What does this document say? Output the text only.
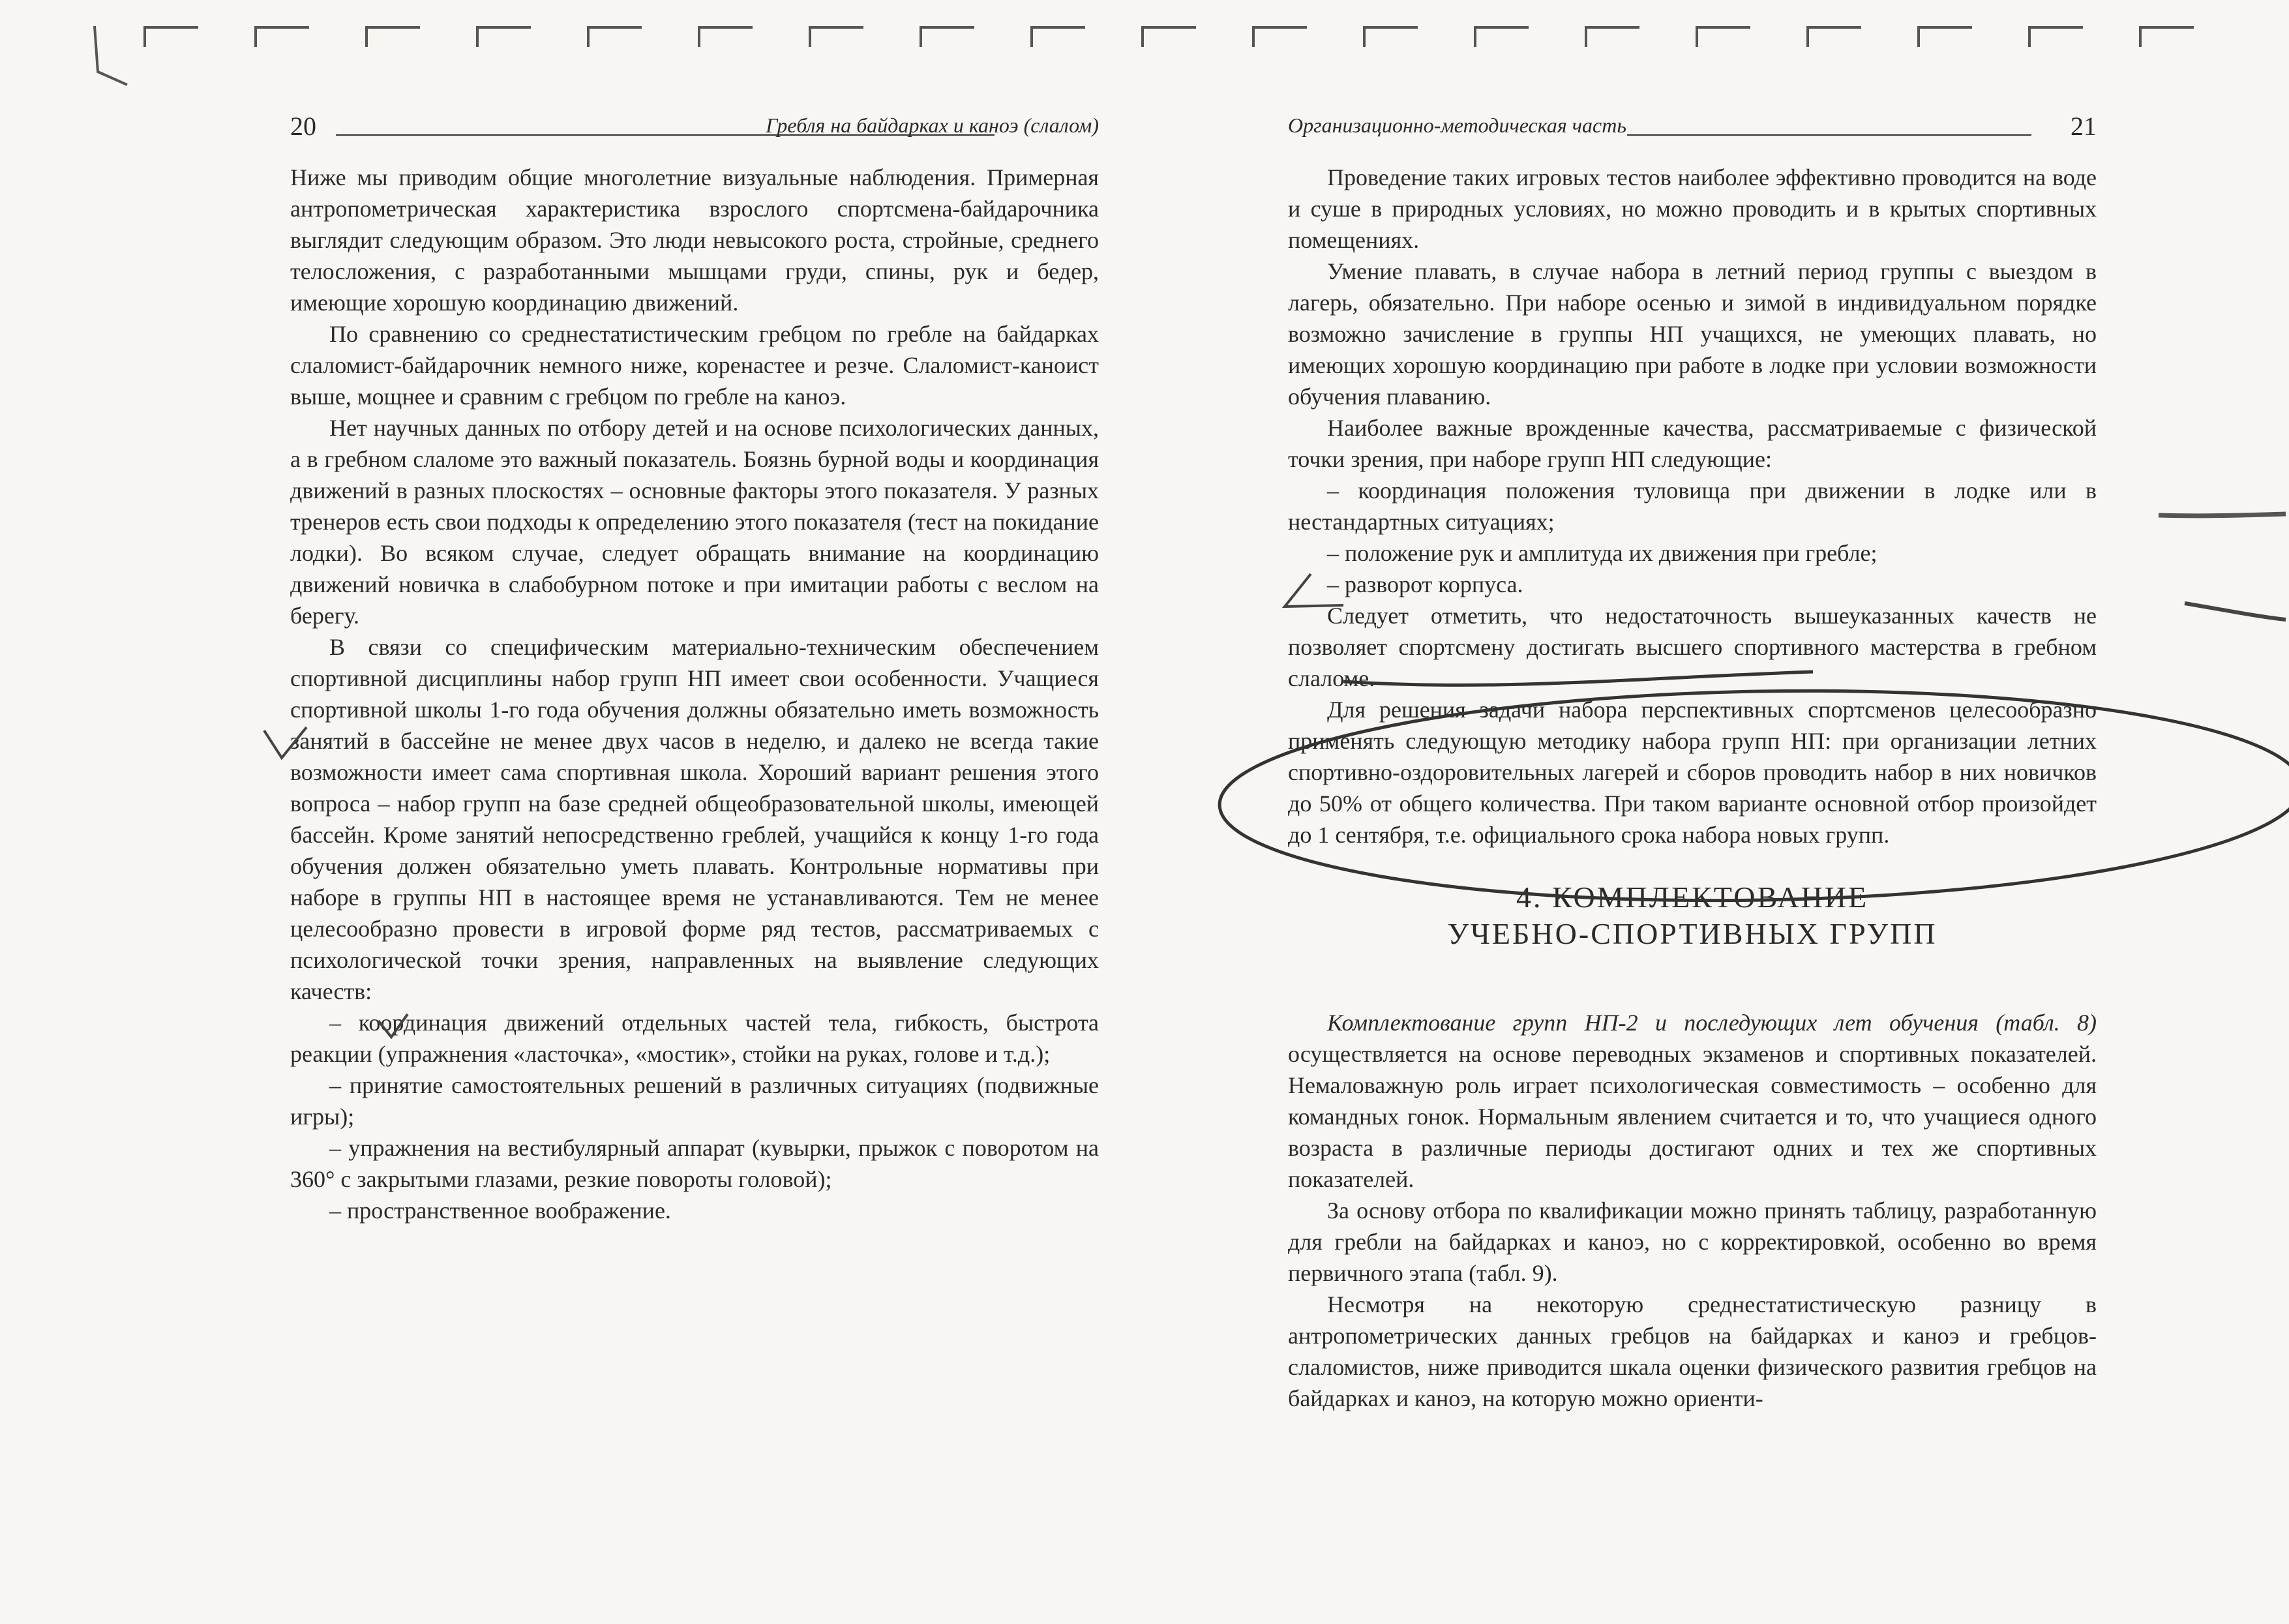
20	Гребля на байдарках и каноэ (слалом)

Ниже мы приводим общие многолетние визуальные наблюдения. Примерная антропометрическая характеристика взрослого спортсмена-байдарочника выглядит следующим образом. Это люди невысокого роста, стройные, среднего телосложения, с разработанными мышцами груди, спины, рук и бедер, имеющие хорошую координацию движений.

По сравнению со среднестатистическим гребцом по гребле на байдарках слаломист-байдарочник немного ниже, коренастее и резче. Слаломист-каноист выше, мощнее и сравним с гребцом по гребле на каноэ.

Нет научных данных по отбору детей и на основе психологических данных, а в гребном слаломе это важный показатель. Боязнь бурной воды и координация движений в разных плоскостях – основные факторы этого показателя. У разных тренеров есть свои подходы к определению этого показателя (тест на покидание лодки). Во всяком случае, следует обращать внимание на координацию движений новичка в слабобурном потоке и при имитации работы с веслом на берегу.

В связи со специфическим материально-техническим обеспечением спортивной дисциплины набор групп НП имеет свои особенности. Учащиеся спортивной школы 1-го года обучения должны обязательно иметь возможность занятий в бассейне не менее двух часов в неделю, и далеко не всегда такие возможности имеет сама спортивная школа. Хороший вариант решения этого вопроса – набор групп на базе средней общеобразовательной школы, имеющей бассейн. Кроме занятий непосредственно греблей, учащийся к концу 1-го года обучения должен обязательно уметь плавать. Контрольные нормативы при наборе в группы НП в настоящее время не устанавливаются. Тем не менее целесообразно провести в игровой форме ряд тестов, рассматриваемых с психологической точки зрения, направленных на выявление следующих качеств:

– координация движений отдельных частей тела, гибкость, быстрота реакции (упражнения «ласточка», «мостик», стойки на руках, голове и т.д.);

– принятие самостоятельных решений в различных ситуациях (подвижные игры);

– упражнения на вестибулярный аппарат (кувырки, прыжок с поворотом на 360° с закрытыми глазами, резкие повороты головой);

– пространственное воображение.

Организационно-методическая часть	21

Проведение таких игровых тестов наиболее эффективно проводится на воде и суше в природных условиях, но можно проводить и в крытых спортивных помещениях.

Умение плавать, в случае набора в летний период группы с выездом в лагерь, обязательно. При наборе осенью и зимой в индивидуальном порядке возможно зачисление в группы НП учащихся, не умеющих плавать, но имеющих хорошую координацию при работе в лодке при условии возможности обучения плаванию.

Наиболее важные врожденные качества, рассматриваемые с физической точки зрения, при наборе групп НП следующие:

– координация положения туловища при движении в лодке или в нестандартных ситуациях;

– положение рук и амплитуда их движения при гребле;

– разворот корпуса.

Следует отметить, что недостаточность вышеуказанных качеств не позволяет спортсмену достигать высшего спортивного мастерства в гребном слаломе.

Для решения задачи набора перспективных спортсменов целесообразно применять следующую методику набора групп НП: при организации летних спортивно-оздоровительных лагерей и сборов проводить набор в них новичков до 50% от общего количества. При таком варианте основной отбор произойдет до 1 сентября, т.е. официального срока набора новых групп.

4. КОМПЛЕКТОВАНИЕ
УЧЕБНО-СПОРТИВНЫХ ГРУПП

Комплектование групп НП-2 и последующих лет обучения (табл. 8) осуществляется на основе переводных экзаменов и спортивных показателей. Немаловажную роль играет психологическая совместимость – особенно для командных гонок. Нормальным явлением считается и то, что учащиеся одного возраста в различные периоды достигают одних и тех же спортивных показателей.

За основу отбора по квалификации можно принять таблицу, разработанную для гребли на байдарках и каноэ, но с корректировкой, особенно во время первичного этапа (табл. 9).

Несмотря на некоторую среднестатистическую разницу в антропометрических данных гребцов на байдарках и каноэ и гребцов-слаломистов, ниже приводится шкала оценки физического развития гребцов на байдарках и каноэ, на которую можно ориенти-
